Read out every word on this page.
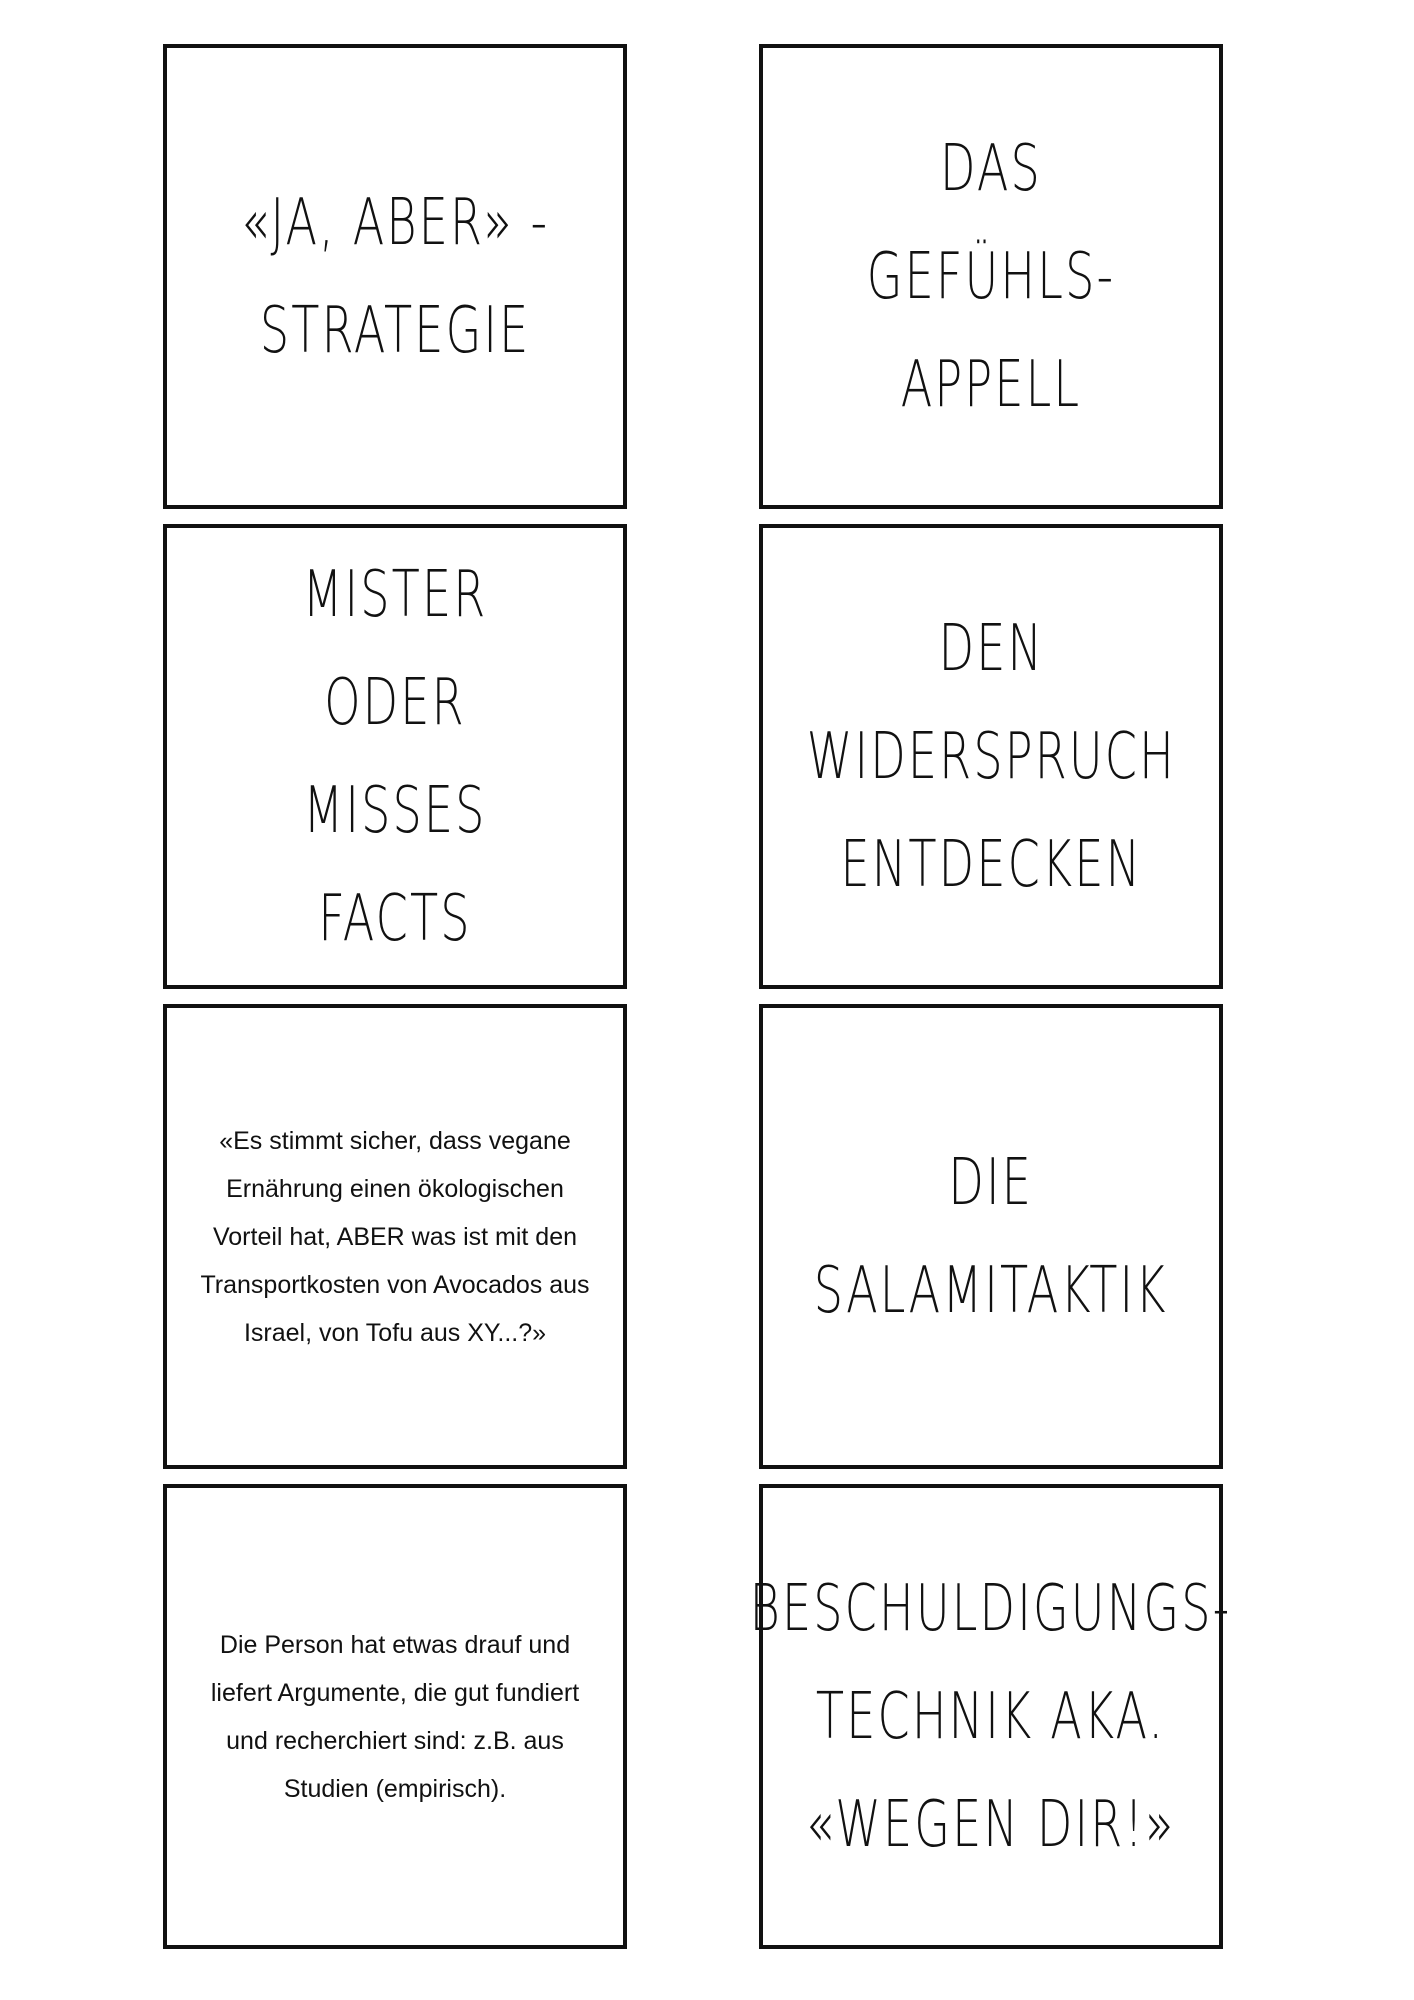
«JA, ABER» -
STRATEGIE
DAS GEFÜHLS-
APPELL
MISTER ODER
MISSES FACTS
DEN
WIDERSPRUCH
ENTDECKEN
«Es stimmt sicher, dass vegane
Ernährung einen ökologischen
Vorteil hat, ABER was ist mit den
Transportkosten von Avocados aus
Israel, von Tofu aus XY...?»
DIE
SALAMITAKTIK
Die Person hat etwas drauf und
liefert Argumente, die gut fundiert
und recherchiert sind: z.B. aus
Studien (empirisch).
BESCHULDIGUNGS-
TECHNIK AKA.
«WEGEN DIR!»
